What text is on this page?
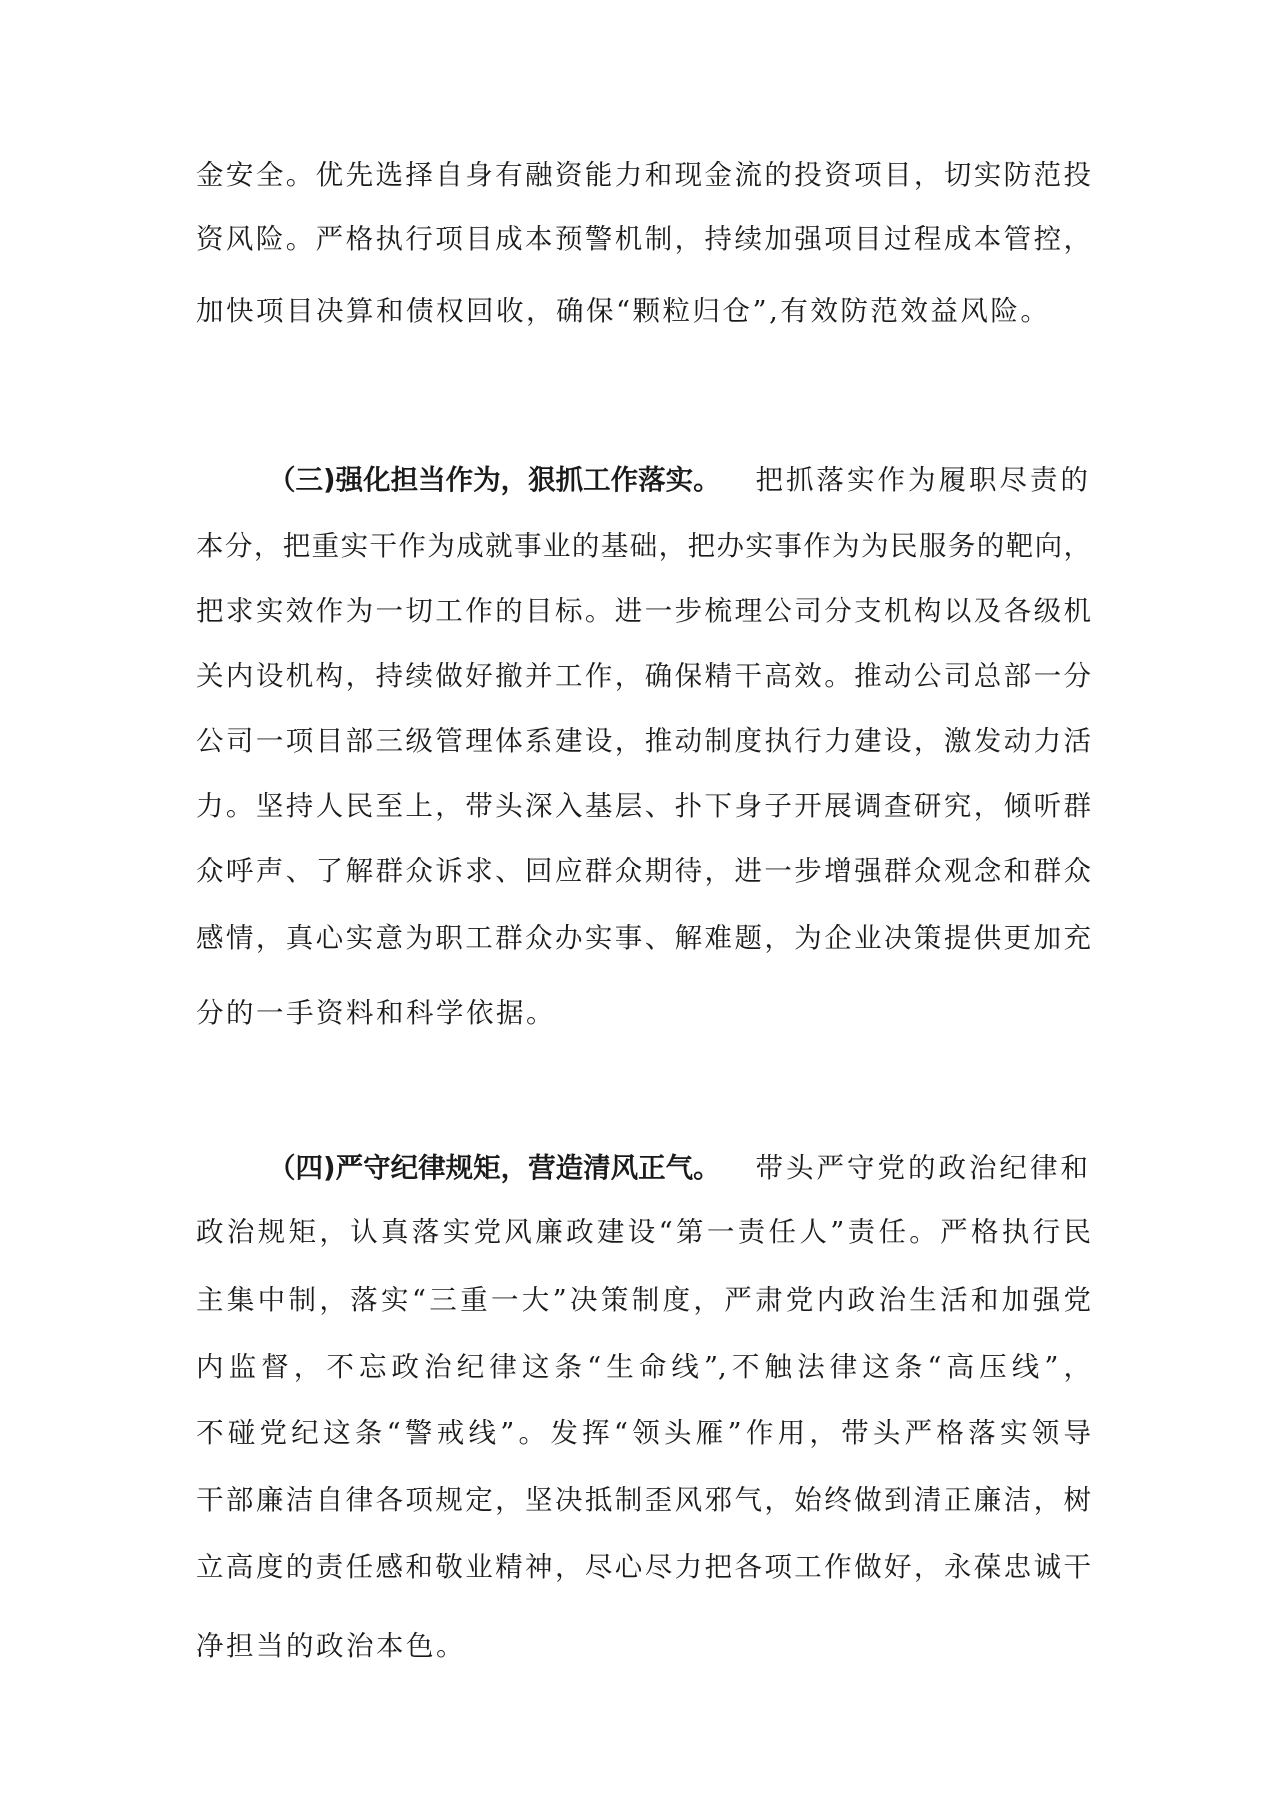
金安全。优先选择自身有融资能力和现金流的投资项目，切实防范投
资风险。严格执行项目成本预警机制，持续加强项目过程成本管控，
加快项目决算和债权回收，确保“颗粒归仓”,有效防范效益风险。
（三)强化担当作为，狠抓工作落实。 把抓落实作为履职尽责的
本分，把重实干作为成就事业的基础，把办实事作为为民服务的靶向，
把求实效作为一切工作的目标。进一步梳理公司分支机构以及各级机
关内设机构，持续做好撤并工作，确保精干高效。推动公司总部一分
公司一项目部三级管理体系建设，推动制度执行力建设，激发动力活
力。坚持人民至上，带头深入基层、扑下身子开展调查研究，倾听群
众呼声、了解群众诉求、回应群众期待，进一步增强群众观念和群众
感情，真心实意为职工群众办实事、解难题，为企业决策提供更加充
分的一手资料和科学依据。
（四)严守纪律规矩，营造清风正气。 带头严守党的政治纪律和
政治规矩，认真落实党风廉政建设“第一责任人”责任。严格执行民
主集中制，落实“三重一大”决策制度，严肃党内政治生活和加强党
内监督，不忘政治纪律这条“生命线”,不触法律这条“高压线”，
不碰党纪这条“警戒线”。发挥“领头雁”作用，带头严格落实领导
干部廉洁自律各项规定，坚决抵制歪风邪气，始终做到清正廉洁，树
立高度的责任感和敬业精神，尽心尽力把各项工作做好，永葆忠诚干
净担当的政治本色。
